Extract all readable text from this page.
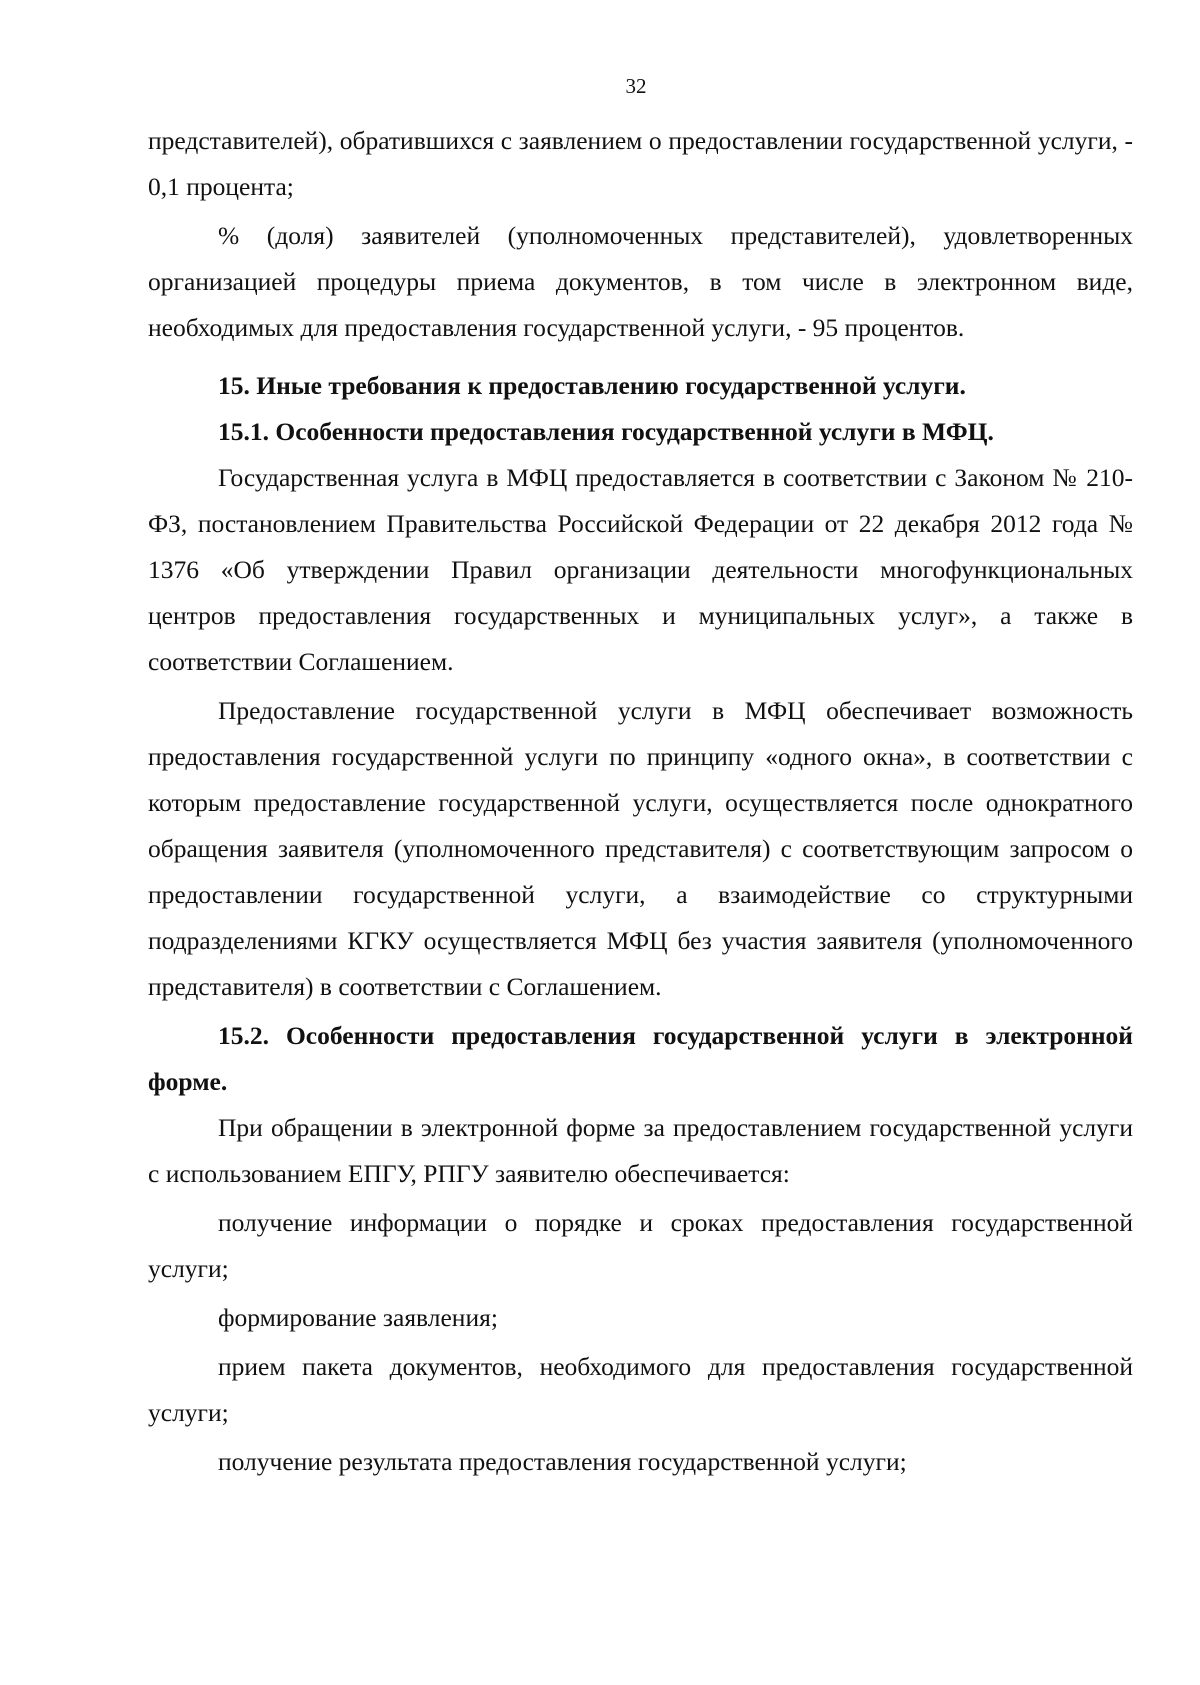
32

представителей), обратившихся с заявлением о предоставлении государственной услуги, - 0,1 процента;

% (доля) заявителей (уполномоченных представителей), удовлетворенных организацией процедуры приема документов, в том числе в электронном виде, необходимых для предоставления государственной услуги, - 95 процентов.

15. Иные требования к предоставлению государственной услуги.

15.1. Особенности предоставления государственной услуги в МФЦ.

Государственная услуга в МФЦ предоставляется в соответствии с Законом № 210-ФЗ, постановлением Правительства Российской Федерации от 22 декабря 2012 года № 1376 «Об утверждении Правил организации деятельности многофункциональных центров предоставления государственных и муниципальных услуг», а также в соответствии Соглашением.

Предоставление государственной услуги в МФЦ обеспечивает возможность предоставления государственной услуги по принципу «одного окна», в соответствии с которым предоставление государственной услуги, осуществляется после однократного обращения заявителя (уполномоченного представителя) с соответствующим запросом о предоставлении государственной услуги, а взаимодействие со структурными подразделениями КГКУ осуществляется МФЦ без участия заявителя (уполномоченного представителя) в соответствии с Соглашением.

15.2. Особенности предоставления государственной услуги в электронной форме.

При обращении в электронной форме за предоставлением государственной услуги с использованием ЕПГУ, РПГУ заявителю обеспечивается:

получение информации о порядке и сроках предоставления государственной услуги;

формирование заявления;

прием пакета документов, необходимого для предоставления государственной услуги;

получение результата предоставления государственной услуги;
